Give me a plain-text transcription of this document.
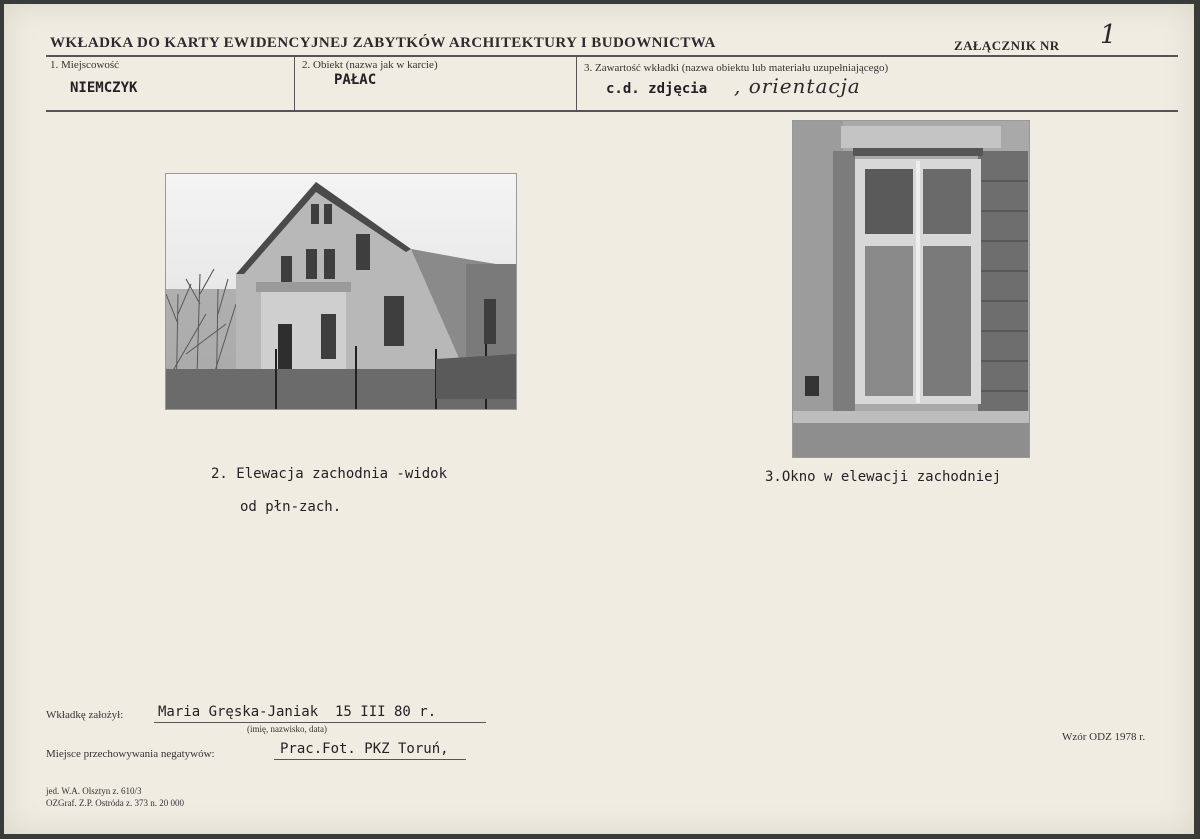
WKŁADKA DO KARTY EWIDENCYJNEJ ZABYTKÓW ARCHITEKTURY I BUDOWNICTWA	ZAŁĄCZNIK NR 1
1. Miejscowość
NIEMCZYK
2. Obiekt (nazwa jak w karcie)
PAŁAC
3. Zawartość wkładki (nazwa obiektu lub materiału uzupełniającego)
c.d. zdjęcia , orientacja
2. Elewacja zachodnia -widok
od płn-zach.
3.Okno w elewacji zachodniej
Wkładkę założył: Maria Gręska-Janiak  15 III 80 r.
(imię, nazwisko, data)
Miejsce przechowywania negatywów:	Prac.Fot. PKZ Toruń,
Wzór ODZ 1978 r.
jed. W.A. Olsztyn z. 610/3
OZGraf. Z.P. Ostróda z. 373 n. 20 000
